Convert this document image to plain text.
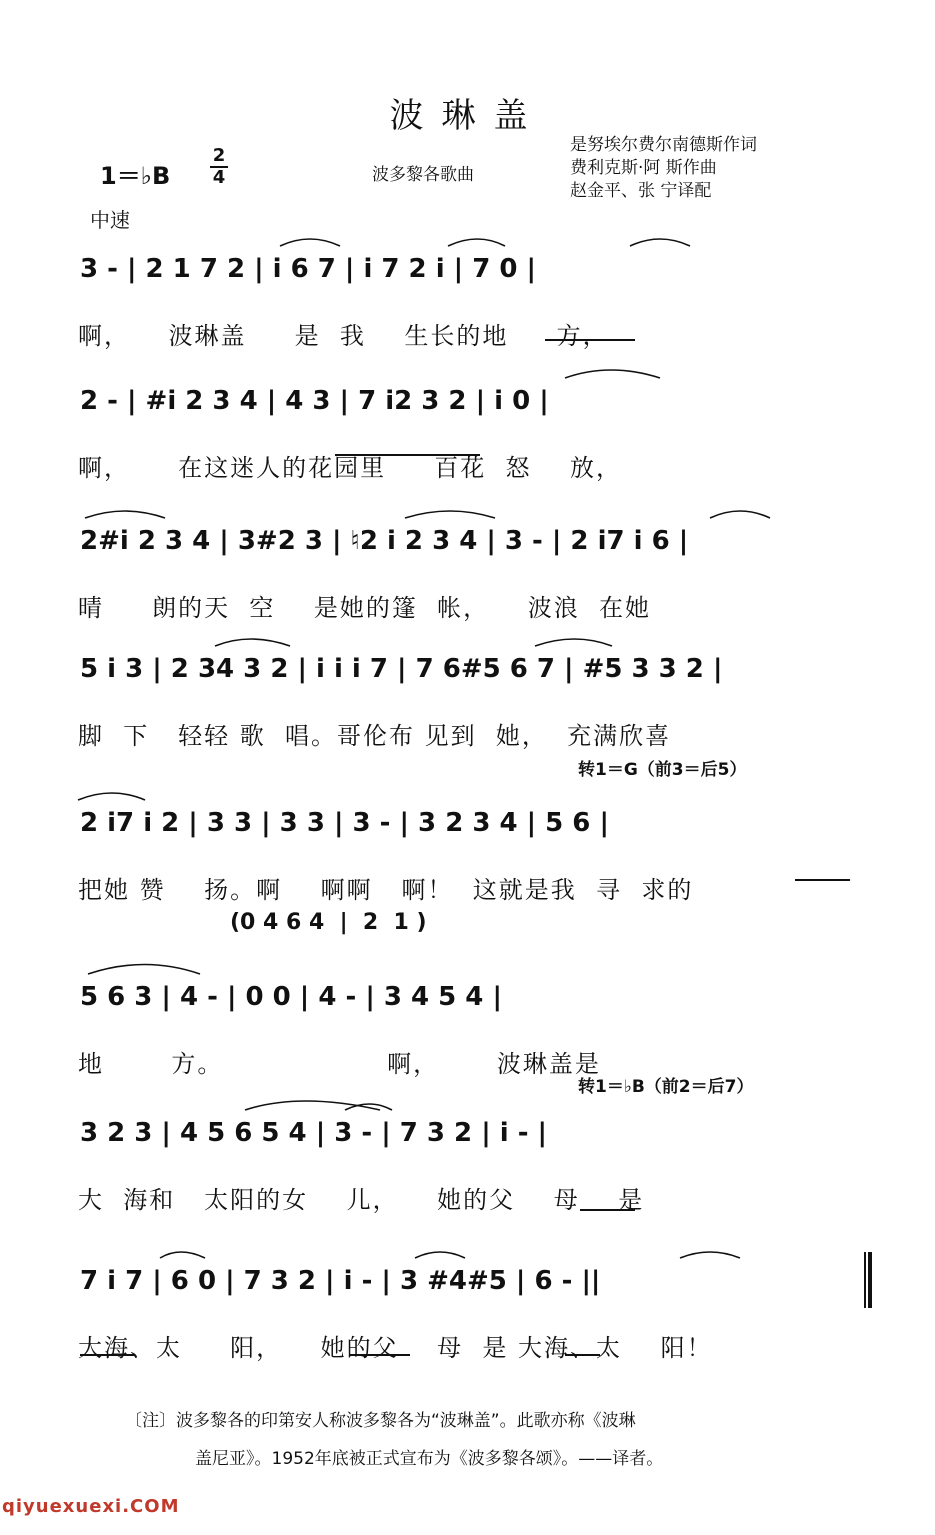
波琳盖
1＝♭B
2
4	波多黎各歌曲
是努埃尔费尔南德斯作词
费利克斯·阿 斯作曲
赵金平、张 宁译配
中速
转1＝G（前3＝后5）
转1＝♭B（前2＝后7）
3 - | 2 1 7 2 | i 6 7 | i 7 2 i | 7 0 |
啊，    波琳盖     是  我    生长的地     方，
2 - | #i 2 3 4 | 4 3 | 7 i2 3 2 | i 0 |
啊，     在这迷人的花园里     百花  怒    放，
2#i 2 3 4 | 3#2 3 | ♮2 i 2 3 4 | 3 - | 2 i7 i 6 |
晴     朗的天  空    是她的篷  帐，    波浪  在她
5 i 3 | 2 34 3 2 | i i i 7 | 7 6#5 6 7 | #5 3 3 2 |
脚  下   轻轻 歌  唱。哥伦布 见到  她，  充满欣喜
2 i7 i 2 | 3 3 | 3 3 | 3 - | 3 2 3 4 | 5 6 |
把她 赞    扬。啊    啊啊   啊！  这就是我  寻  求的
(0 4 6 4  |  2  1 )
5 6 3 | 4 - | 0 0 | 4 - | 3 4 5 4 |
地       方。                 啊，      波琳盖是
3 2 3 | 4 5 6 5 4 | 3 - | 7 3 2 | i - |
大  海和   太阳的女    儿，    她的父    母    是
7 i 7 | 6 0 | 7 3 2 | i - | 3 #4#5 | 6 - ||
大海、太     阳，    她的父    母  是 大海、太    阳！
〔注〕波多黎各的印第安人称波多黎各为“波琳盖”。此歌亦称《波琳
盖尼亚》。1952年底被正式宣布为《波多黎各颂》。——译者。
qiyuexuexi.COM
